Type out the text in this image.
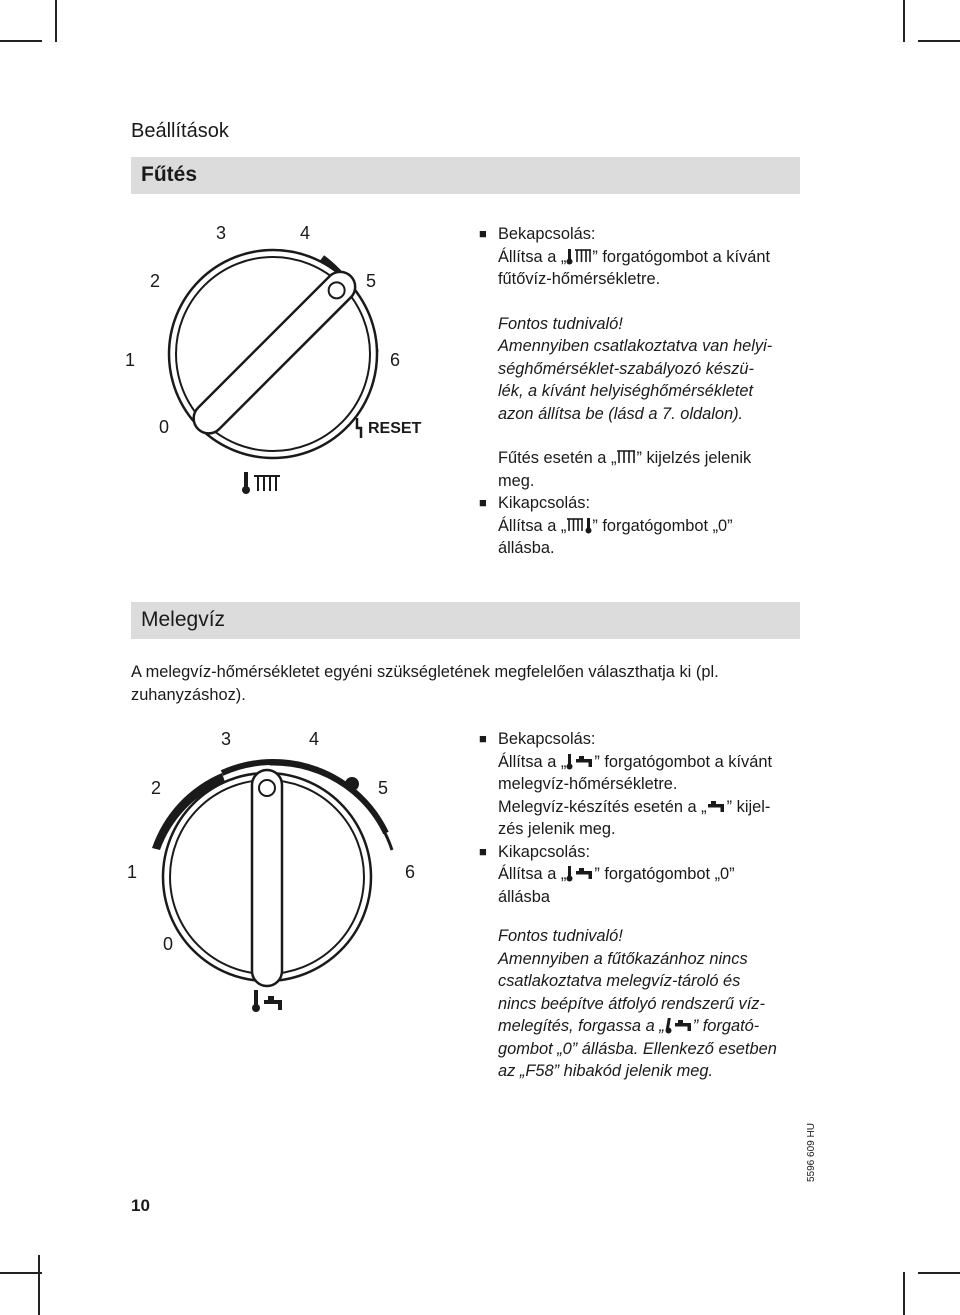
Beállítások
Fűtés
0
1
2
3	4
5
6
RESET
■ Bekapcsolás:

Állítsa a „ ” forgatógombot a kívánt

fűtővíz-hőmérsékletre.

Fontos tudnivaló!

Amennyiben csatlakoztatva van helyi-

séghőmérséklet-szabályozó készü-

lék, a kívánt helyiséghőmérsékletet

azon állítsa be (lásd a 7. oldalon).

Fűtés esetén a „ ” kijelzés jelenik

meg.

■ Kikapcsolás:

Állítsa a „ ” forgatógombot „0”

állásba.

Melegvíz
A melegvíz-hőmérsékletet egyéni szükségletének megfelelően választhatja ki (pl.
zuhanyzáshoz).
0
1
2
3	4
5
6
■ Bekapcsolás:

Állítsa a „ ” forgatógombot a kívánt

melegvíz-hőmérsékletre.

Melegvíz-készítés esetén a „ ” kijel-

zés jelenik meg.

■ Kikapcsolás:

Állítsa a „ ” forgatógombot „0”

állásba

Fontos tudnivaló!

Amennyiben a fűtőkazánhoz nincs

csatlakoztatva melegvíz-tároló és

nincs beépítve átfolyó rendszerű víz-

melegítés, forgassa a „ ” forgató-

gombot „0” állásba. Ellenkező esetben

az „F58” hibakód jelenik meg.

5596 609 HU
10
